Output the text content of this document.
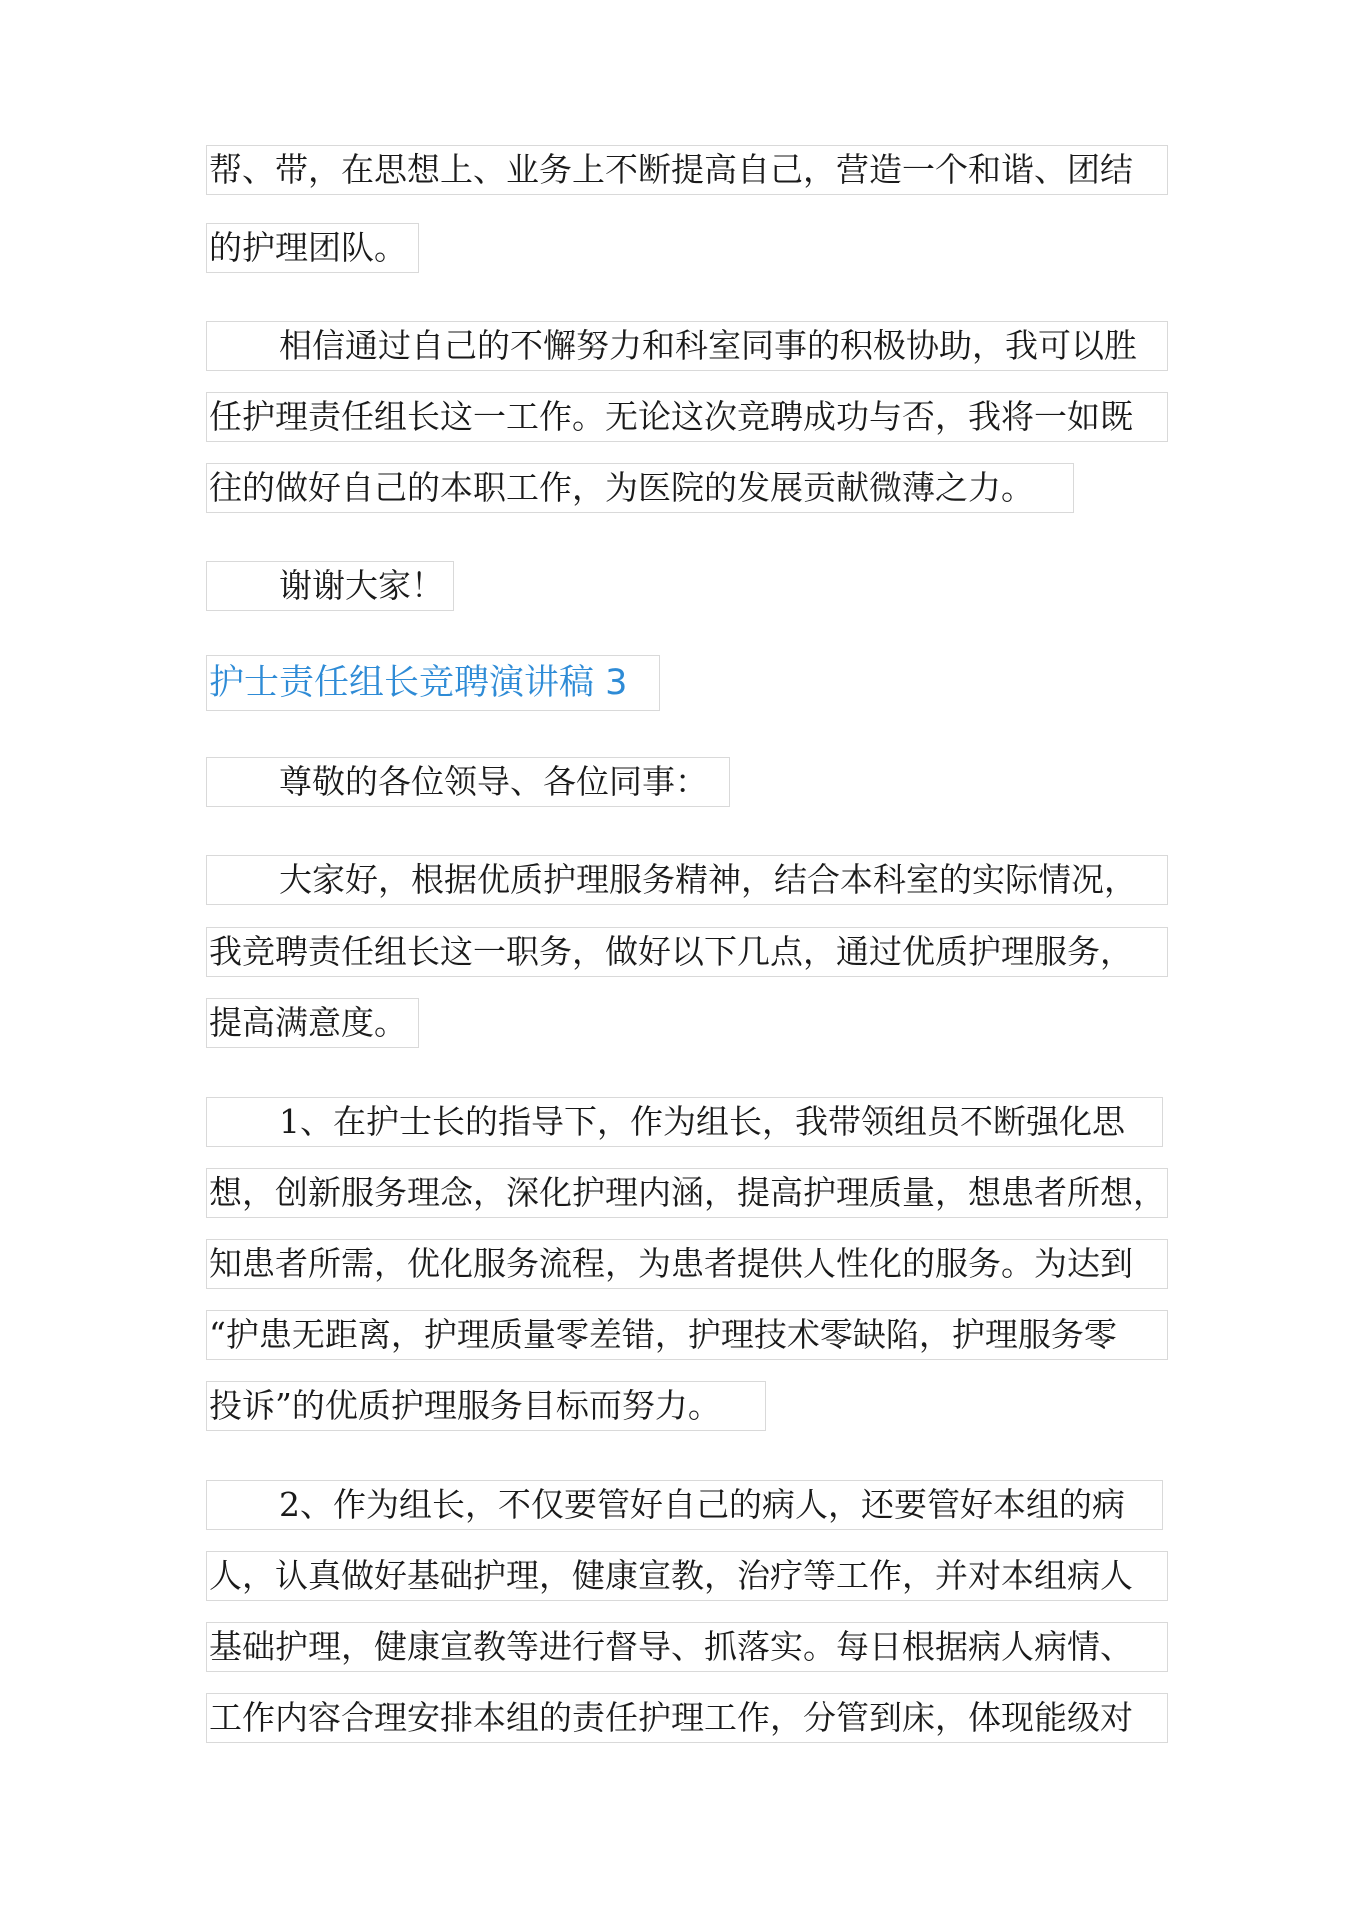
帮、带，在思想上、业务上不断提高自己，营造一个和谐、团结
的护理团队。
相信通过自己的不懈努力和科室同事的积极协助，我可以胜
任护理责任组长这一工作。无论这次竞聘成功与否，我将一如既
往的做好自己的本职工作，为医院的发展贡献微薄之力。
谢谢大家！
护士责任组长竞聘演讲稿 3
尊敬的各位领导、各位同事：
大家好，根据优质护理服务精神，结合本科室的实际情况，
我竞聘责任组长这一职务，做好以下几点，通过优质护理服务，
提高满意度。
1、在护士长的指导下，作为组长，我带领组员不断强化思
想，创新服务理念，深化护理内涵，提高护理质量，想患者所想，
知患者所需，优化服务流程，为患者提供人性化的服务。为达到
“护患无距离，护理质量零差错，护理技术零缺陷，护理服务零
投诉”的优质护理服务目标而努力。
2、作为组长，不仅要管好自己的病人，还要管好本组的病
人，认真做好基础护理，健康宣教，治疗等工作，并对本组病人
基础护理，健康宣教等进行督导、抓落实。每日根据病人病情、
工作内容合理安排本组的责任护理工作，分管到床，体现能级对
